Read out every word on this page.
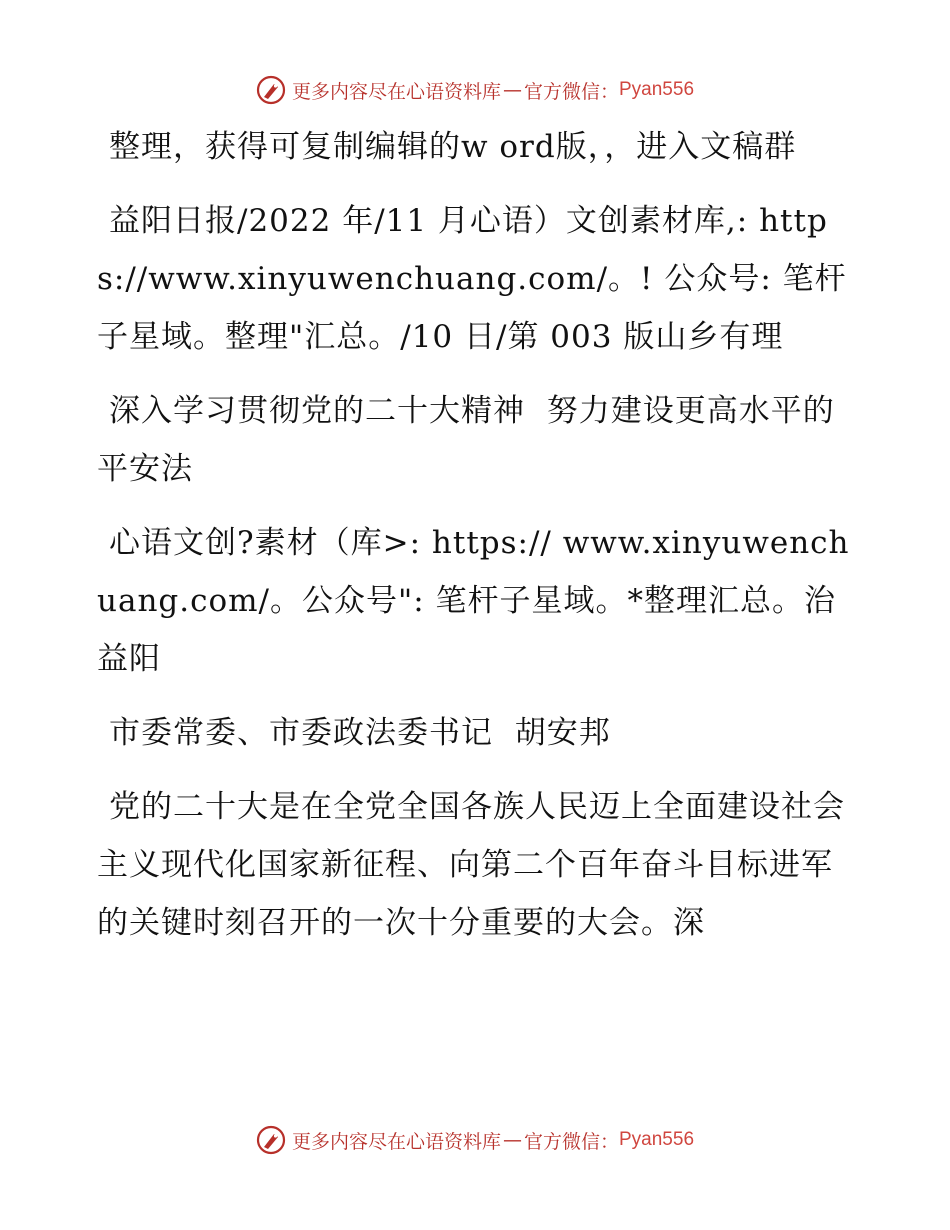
更多内容尽在心语资料库 — 官方微信： Pyan556

整理，获得可复制编辑的w ord版，，进入文稿群

益阳日报/2022 年/11 月心语）文创素材库,: https://www.xinyuwenchuang.com/。! 公众号: 笔杆子星域。整理"汇总。/10 日/第 003 版山乡有理

深入学习贯彻党的二十大精神  努力建设更高水平的平安法

心语文创?素材（库>: https:// www.xinyuwenchuang.com/。公众号": 笔杆子星域。*整理汇总。治益阳

市委常委、市委政法委书记  胡安邦

党的二十大是在全党全国各族人民迈上全面建设社会主义现代化国家新征程、向第二个百年奋斗目标进军的关键时刻召开的一次十分重要的大会。深

更多内容尽在心语资料库 — 官方微信： Pyan556
